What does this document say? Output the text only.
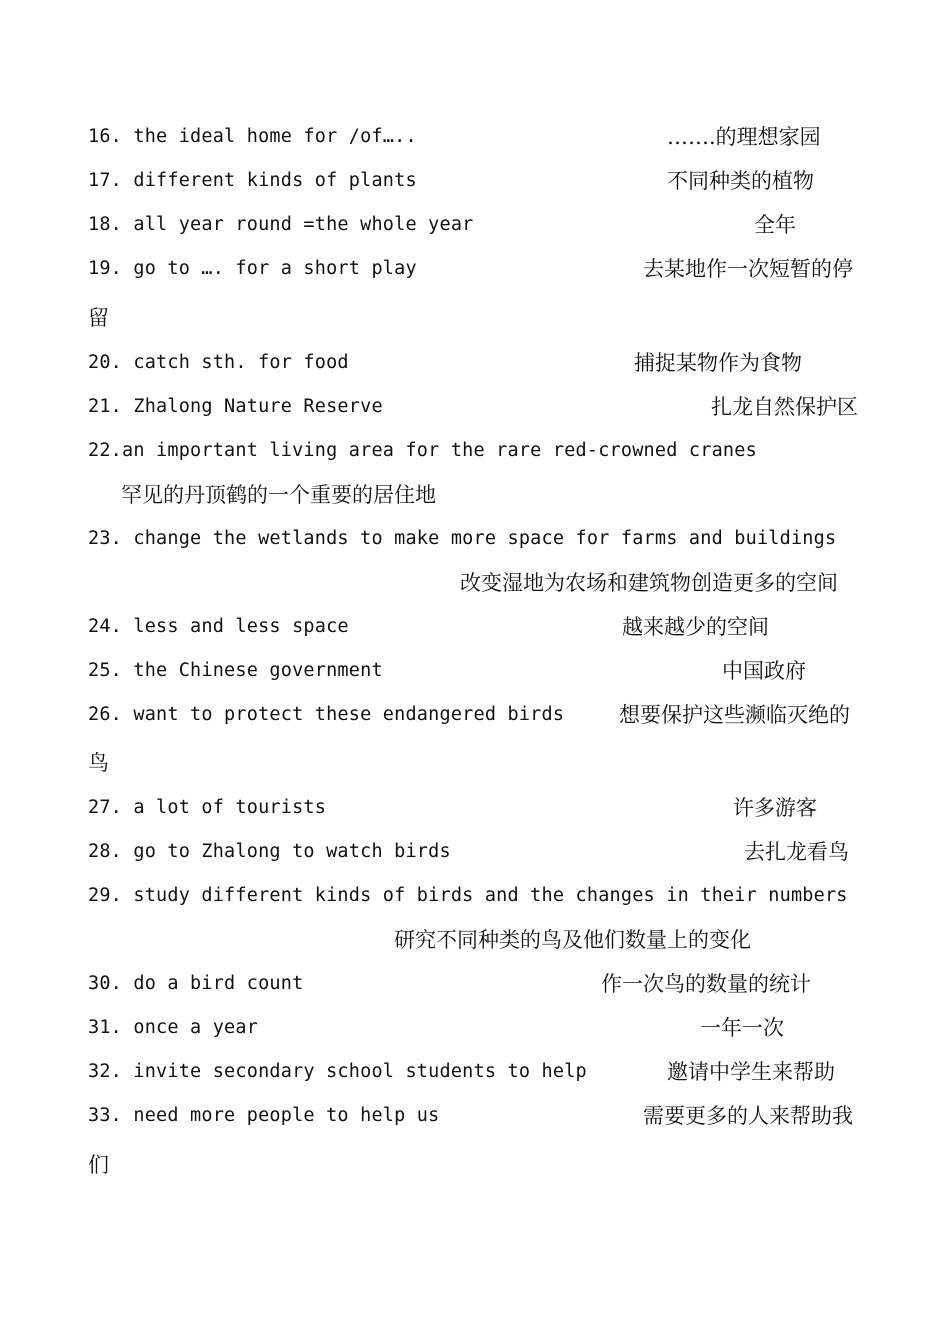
16. the ideal home for /of…..	…….的理想家园
17. different kinds of plants	不同种类的植物
18. all year round =the whole year	全年
19. go to …. for a short play	去某地作一次短暂的停
留
20. catch sth. for food	捕捉某物作为食物
21. Zhalong Nature Reserve	扎龙自然保护区
22.an important living area for the rare red-crowned cranes
罕见的丹顶鹤的一个重要的居住地
23. change the wetlands to make more space for farms and buildings
改变湿地为农场和建筑物创造更多的空间
24. less and less space	越来越少的空间
25. the Chinese government	中国政府
26. want to protect these endangered birds	想要保护这些濒临灭绝的
鸟
27. a lot of tourists	许多游客
28. go to Zhalong to watch birds	去扎龙看鸟
29. study different kinds of birds and the changes in their numbers
研究不同种类的鸟及他们数量上的变化
30. do a bird count	作一次鸟的数量的统计
31. once a year	一年一次
32. invite secondary school students to help	邀请中学生来帮助
33. need more people to help us	需要更多的人来帮助我
们
